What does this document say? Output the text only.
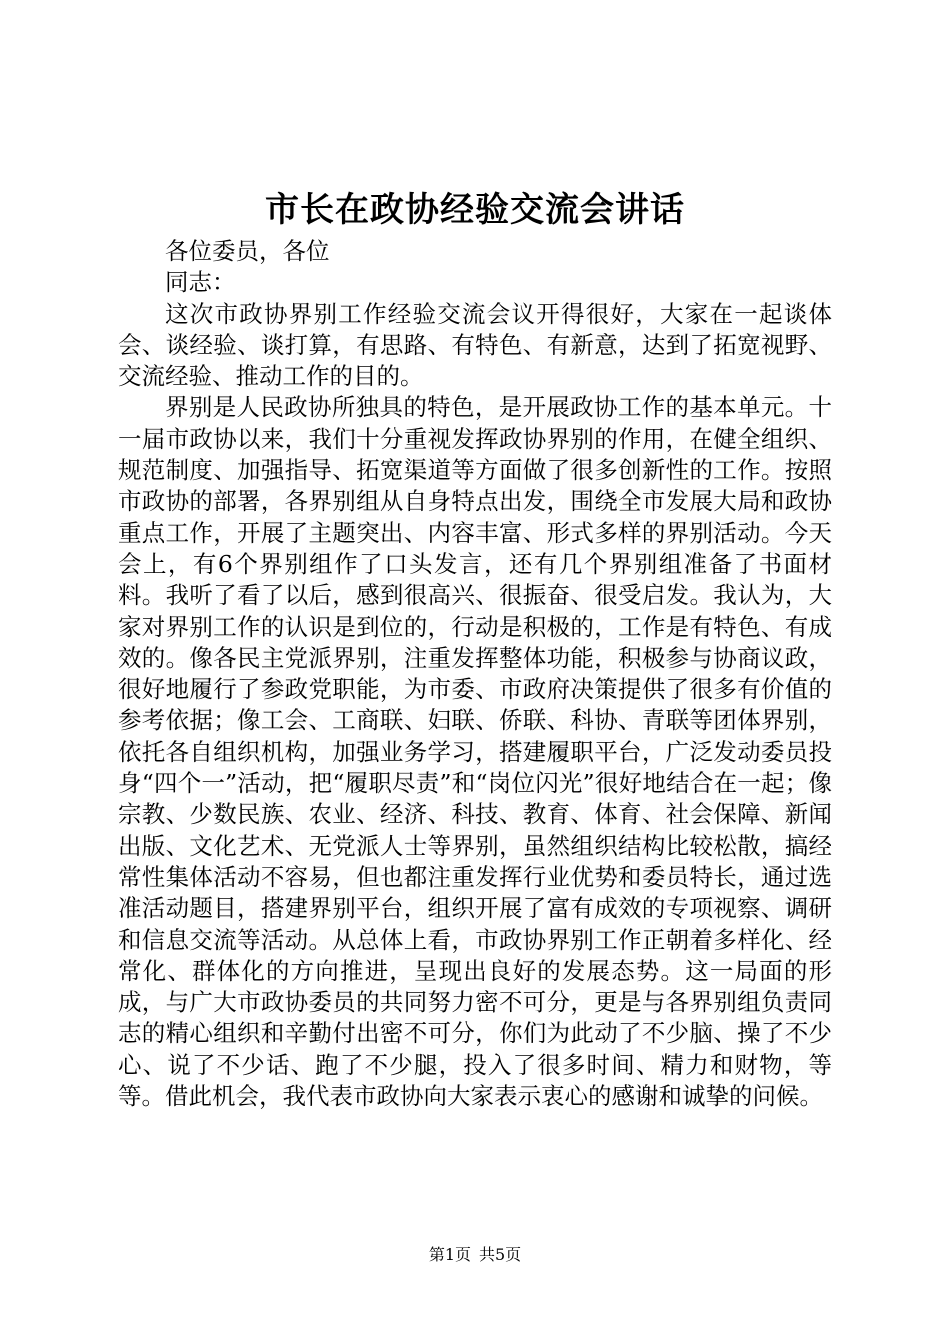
市长在政协经验交流会讲话

各位委员，各位

同志：

这次市政协界别工作经验交流会议开得很好，大家在一起谈体会、谈经验、谈打算，有思路、有特色、有新意，达到了拓宽视野、交流经验、推动工作的目的。

界别是人民政协所独具的特色，是开展政协工作的基本单元。十一届市政协以来，我们十分重视发挥政协界别的作用，在健全组织、规范制度、加强指导、拓宽渠道等方面做了很多创新性的工作。按照市政协的部署，各界别组从自身特点出发，围绕全市发展大局和政协重点工作，开展了主题突出、内容丰富、形式多样的界别活动。今天会上，有6个界别组作了口头发言，还有几个界别组准备了书面材料。我听了看了以后，感到很高兴、很振奋、很受启发。我认为，大家对界别工作的认识是到位的，行动是积极的，工作是有特色、有成效的。像各民主党派界别，注重发挥整体功能，积极参与协商议政，很好地履行了参政党职能，为市委、市政府决策提供了很多有价值的参考依据；像工会、工商联、妇联、侨联、科协、青联等团体界别，依托各自组织机构，加强业务学习，搭建履职平台，广泛发动委员投身“四个一”活动，把“履职尽责”和“岗位闪光”很好地结合在一起；像宗教、少数民族、农业、经济、科技、教育、体育、社会保障、新闻出版、文化艺术、无党派人士等界别，虽然组织结构比较松散，搞经常性集体活动不容易，但也都注重发挥行业优势和委员特长，通过选准活动题目，搭建界别平台，组织开展了富有成效的专项视察、调研和信息交流等活动。从总体上看，市政协界别工作正朝着多样化、经常化、群体化的方向推进，呈现出良好的发展态势。这一局面的形成，与广大市政协委员的共同努力密不可分，更是与各界别组负责同志的精心组织和辛勤付出密不可分，你们为此动了不少脑、操了不少心、说了不少话、跑了不少腿，投入了很多时间、精力和财物，等等。借此机会，我代表市政协向大家表示衷心的感谢和诚挚的问候。

第1页 共5页
